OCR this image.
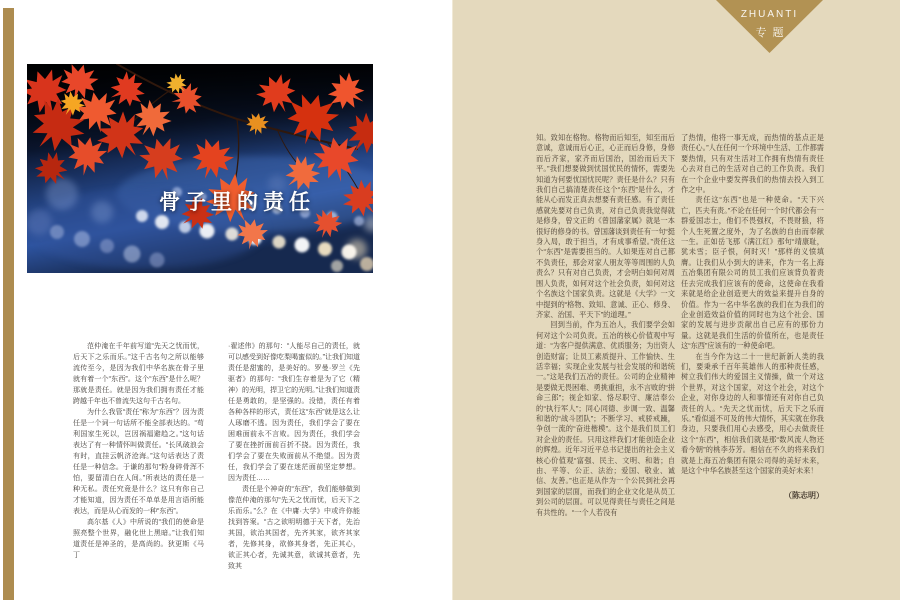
骨子里的责任

范仲淹在千年前写道“先天之忧而忧，后天下之乐而乐。”这千古名句之所以能够流传至今，是因为我们中华名族在骨子里就有着一个“东西”。这个“东西”是什么呢？那就是责任。就是因为我们拥有责任才能跨越千年也不曾流失这句千古名句。

为什么我管“责任”称为“东西”？因为责任是一个词一句话所不能全部表达的。“苟利国家生死以，岂因祸福避趋之。”这句话表达了有一种情怀叫做责任。“长风破浪会有时，直挂云帆济沧海。”这句话表达了责任是一种信念。于谦的那句“粉身碎骨浑不怕，要留清白在人间。”所表达的责任是一种无私。责任究竟是什么？这只有你自己才能知道，因为责任不单单是用言语所能表达，而是从心而发的一种“东西”。

高尔基《人》中所说的“我们的使命是照亮整个世界，融化世上黑暗。”让我们知道责任是神圣的，是高尚的。狄更斯《马丁

·翟述伟》的那句：“人能尽自己的责任，就可以感受到好像吃梨喝蜜似的。”让我们知道责任是甜蜜的，是美好的。罗曼·罗兰《先驱者》的那句：“我们生存着是为了它（精神）的光明，捍卫它的光明。”让我们知道责任是勇敢的，是坚强的。没错，责任有着各种各样的形式，责任这“东西”就是这么让人琢磨不透。因为责任，我们学会了要在困难面前永不言败。因为责任，我们学会了要在挫折面前百折不挠。因为责任，我们学会了要在失败面前从不绝望。因为责任，我们学会了要在迷茫面前坚定梦想。因为责任……

责任是个神奇的“东西”，我们能够做到像范仲淹的那句“先天之忧而忧，后天下之乐而乐。”么？在《中庸·大学》中或许你能找到答案。“古之欲明明德于天下者，先治其国，欲治其国者，先齐其家，欲齐其家者，先修其身，欲修其身者，先正其心，欲正其心者，先诚其意，欲诚其意者，先致其

ZHUANTI
专题

知。致知在格物。格物而后知至，知至而后意诚，意诚而后心正，心正而后身修，身修而后齐家，家齐而后国治，国治而后天下平。”我们想要做到忧国忧民的情怀，需要先知道为何要忧国忧民呢？责任是什么？只有我们自己搞清楚责任这个“东西”是什么，才能从心而发正真去想要有责任感。有了责任感就先要对自己负责，对自己负责我觉得就是修身，曾文正的《曾国藩家属》就是一本很好的修身的书。曾国藩谈到责任有一句“挺身入局，敢于担当，才有成事希望。”责任这个“东西”是需要担当的。人如果连对自己都不负责任，那会对家人朋友等等周围的人负责么？只有对自己负责，才会明白如何对周围人负责，如何对这个社会负责，如何对这个名族这个国家负责。这就是《大学》一文中提到的“格物、致知、意诚、正心、修身、齐家、治国、平天下”的道理。”

回到当前，作为五冶人，我们要学会如何对这个公司负责。五冶的核心价值观中写道：“为客户提供满意、优质服务；为出资人创造财富；让员工素质提升、工作愉快、生活幸福；实现企业发展与社会发展的和谐统一。”这是我们五冶的责任。公司的企业精神是要做无畏困难、勇挑重担，永不言败的“拼命三郎”；视企如家、恪尽职守、廉洁奉公的“执行军人”；同心同德、步调一致、温馨和谐的“战斗团队”；不断学习、戒骄戒躁，争创一流的“奋进楷模”。这个是我们员工们对企业的责任。只用这样我们才能创造企业的辉煌。近年习近平总书记提出的社会主义核心价值观“富强、民主、文明、和谐；自由、平等、公正、法治；爱国、敬业、诚信、友善。”也正是从作为一个公民到社会再到国家的层面，而我们的企业文化是从员工到公司的层面。可以见得责任与责任之间是有共性的。“一个人若没有

了热情，他将一事无成，而热情的基点正是责任心。”人在任何一个环境中生活、工作都需要热情，只有对生活对工作拥有热情有责任心去对自己的生活对自己的工作负责。我们在一个企业中要发挥我们的热情去投入到工作之中。

责任这“东西”也是一种使命。“天下兴亡，匹夫有责。”不论在任何一个时代都会有一群爱国志士，他们不畏强权，不畏财狼，将个人生死置之度外，为了名族的自由而奉献一生。正如岳飞那《满江红》那句“靖康耻，犹未雪；臣子恨，何时灭！”那样的义愤填膺。让我们从小到大的讲来，作为一名上海五冶集团有限公司的员工我们应该背负着责任去完成我们应该有的使命，这使命在我看来就是给企业创造更大的效益来提升自身的价值。作为一名中华名族的我们在为我们的企业创造效益价值的同时也为这个社会、国家的发展与进步贡献出自己应有的那份力量。这就是我们生活的价值所在，也是责任这“东西”应该有的一种使命吧。

在当今作为这二十一世纪新新人类的我们，要秉承千百年英雄伟人的那种责任感，树立我们伟大的爱国主义情操，做一个对这个世界，对这个国家，对这个社会，对这个企业，对你身边的人和事情还有对你自己负责任的人。“先天之忧而忧，后天下之乐而乐。”看似遥不可及的伟大情怀，其实就在你我身边，只要我们用心去感受，用心去做责任这个“东西”，相信我们就是那“数风流人物还看今朝”的桃李芬芳。相信在不久的将来我们就是上海五冶集团有限公司得的美好未来，是这个中华名族甚至这个国家的美好未来！

（陈志明）
